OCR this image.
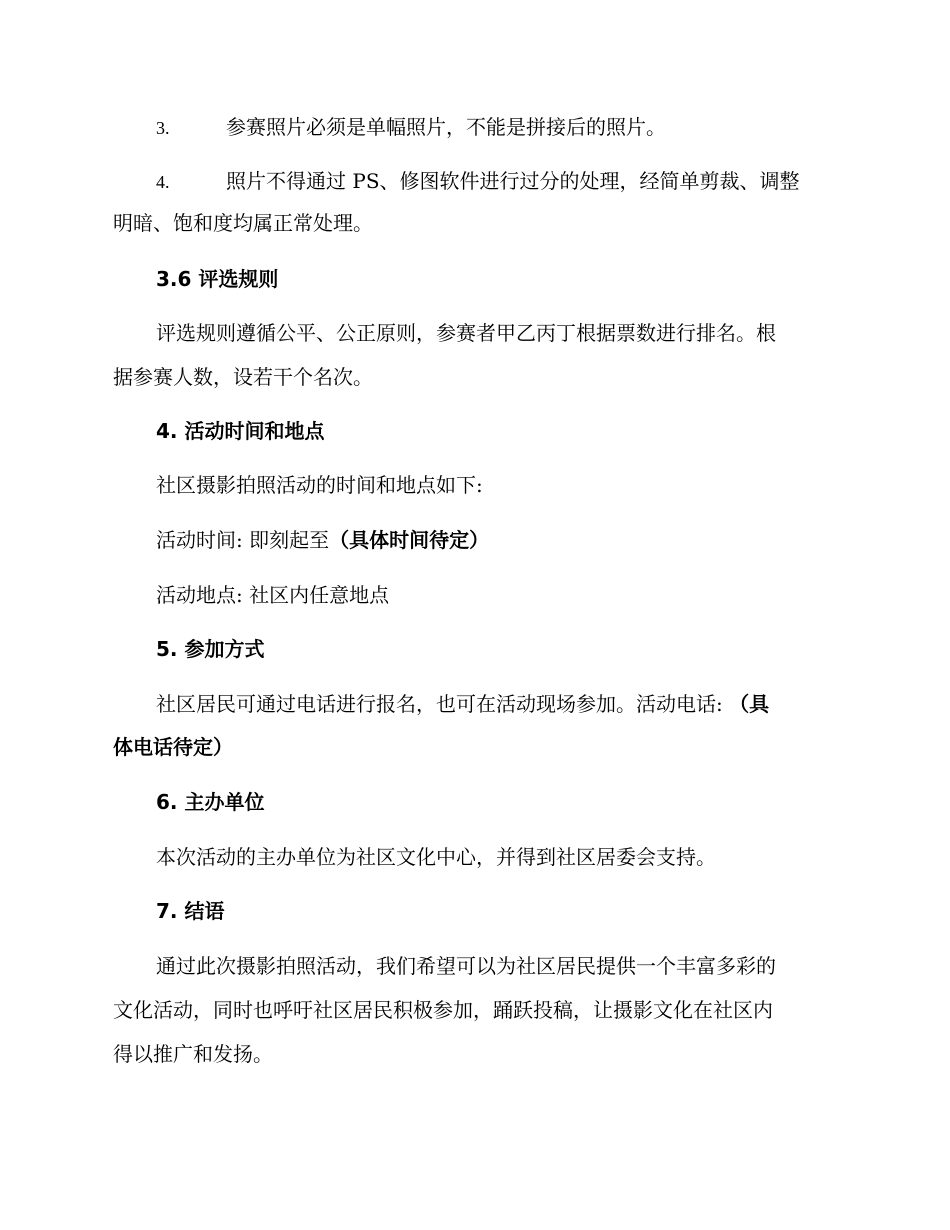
3.	参赛照片必须是单幅照片，不能是拼接后的照片。
4.	照片不得通过 PS、修图软件进行过分的处理，经简单剪裁、调整
明暗、饱和度均属正常处理。
3.6 评选规则
评选规则遵循公平、公正原则，参赛者甲乙丙丁根据票数进行排名。根
据参赛人数，设若干个名次。
4. 活动时间和地点
社区摄影拍照活动的时间和地点如下:
活动时间: 即刻起至（具体时间待定）
活动地点: 社区内任意地点
5. 参加方式
社区居民可通过电话进行报名，也可在活动现场参加。活动电话: （具
体电话待定）
6. 主办单位
本次活动的主办单位为社区文化中心，并得到社区居委会支持。
7. 结语
通过此次摄影拍照活动，我们希望可以为社区居民提供一个丰富多彩的
文化活动，同时也呼吁社区居民积极参加，踊跃投稿，让摄影文化在社区内
得以推广和发扬。
